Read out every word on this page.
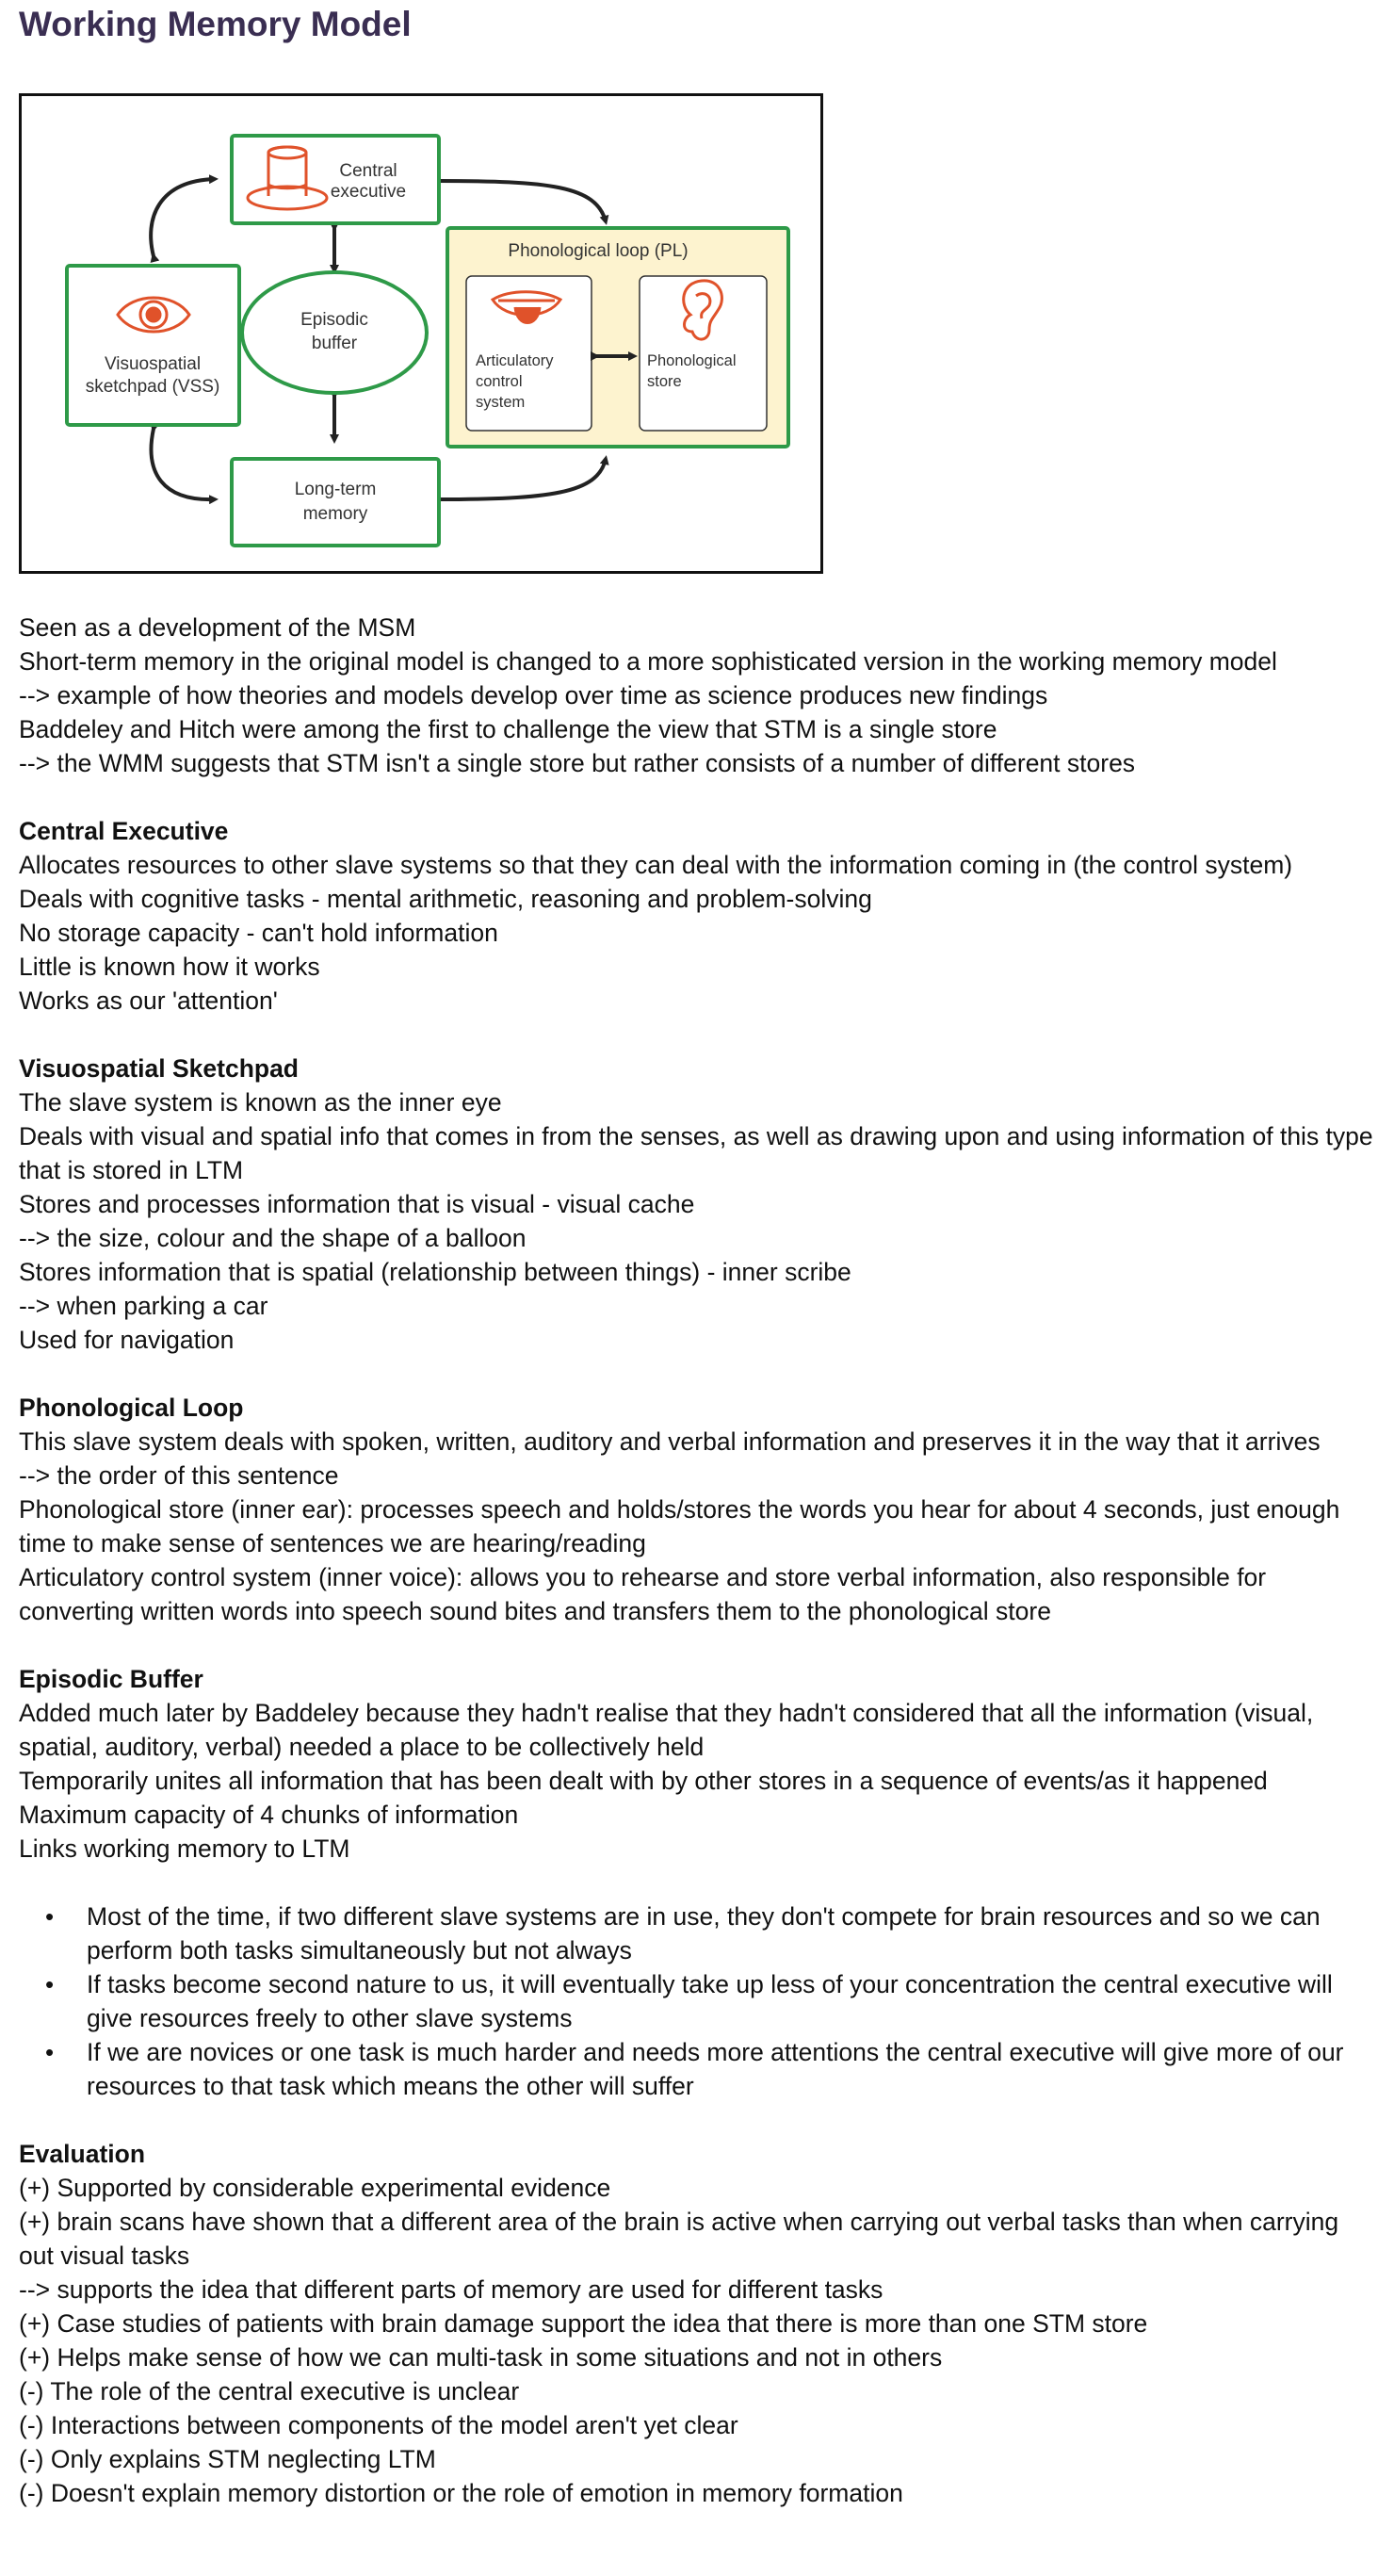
Working Memory Model
Central
executive
Visuospatial
sketchpad (VSS)
Episodic
buffer
Phonological loop (PL)
Articulatory
control
system
Phonological
store
Long-term
memory

Seen as a development of the MSM

Short-term memory in the original model is changed to a more sophisticated version in the working memory model

--> example of how theories and models develop over time as science produces new findings

Baddeley and Hitch were among the first to challenge the view that STM is a single store

--> the WMM suggests that STM isn't a single store but rather consists of a number of different stores

Central Executive

Allocates resources to other slave systems so that they can deal with the information coming in (the control system)

Deals with cognitive tasks - mental arithmetic, reasoning and problem-solving

No storage capacity - can't hold information

Little is known how it works

Works as our 'attention'

Visuospatial Sketchpad

The slave system is known as the inner eye

Deals with visual and spatial info that comes in from the senses, as well as drawing upon and using information of this type that is stored in LTM

Stores and processes information that is visual - visual cache

--> the size, colour and the shape of a balloon

Stores information that is spatial (relationship between things) - inner scribe

--> when parking a car

Used for navigation

Phonological Loop

This slave system deals with spoken, written, auditory and verbal information and preserves it in the way that it arrives

--> the order of this sentence

Phonological store (inner ear): processes speech and holds/stores the words you hear for about 4 seconds, just enough time to make sense of sentences we are hearing/reading

Articulatory control system (inner voice): allows you to rehearse and store verbal information, also responsible for converting written words into speech sound bites and transfers them to the phonological store

Episodic Buffer

Added much later by Baddeley because they hadn't realise that they hadn't considered that all the information (visual, spatial, auditory, verbal) needed a place to be collectively held

Temporarily unites all information that has been dealt with by other stores in a sequence of events/as it happened

Maximum capacity of 4 chunks of information

Links working memory to LTM

• Most of the time, if two different slave systems are in use, they don't compete for brain resources and so we can perform both tasks simultaneously but not always
• If tasks become second nature to us, it will eventually take up less of your concentration the central executive will give resources freely to other slave systems
• If we are novices or one task is much harder and needs more attentions the central executive will give more of our resources to that task which means the other will suffer

Evaluation

(+) Supported by considerable experimental evidence

(+) brain scans have shown that a different area of the brain is active when carrying out verbal tasks than when carrying out visual tasks

--> supports the idea that different parts of memory are used for different tasks

(+) Case studies of patients with brain damage support the idea that there is more than one STM store

(+) Helps make sense of how we can multi-task in some situations and not in others

(-) The role of the central executive is unclear

(-) Interactions between components of the model aren't yet clear

(-) Only explains STM neglecting LTM

(-) Doesn't explain memory distortion or the role of emotion in memory formation
